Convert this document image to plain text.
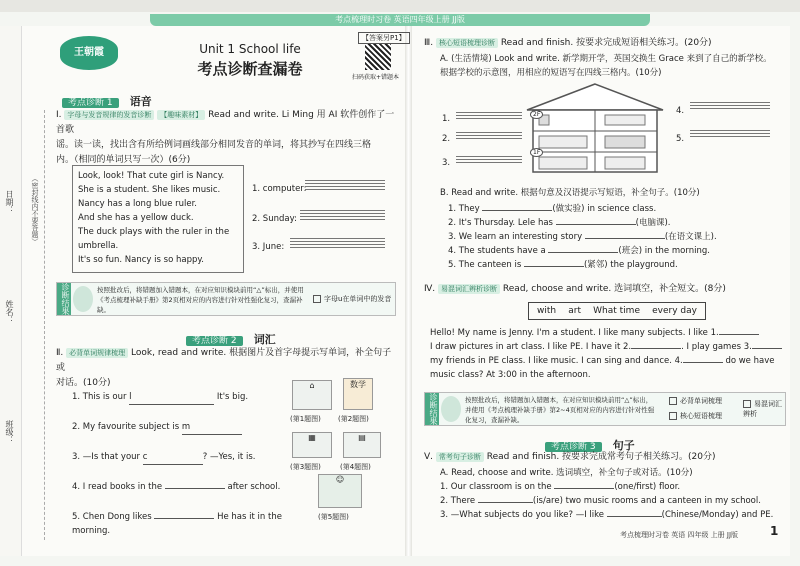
考点梳理时习卷 英语四年级上册 JJ版
日期：
姓名：
班级：
（密封线内不要答题）
王朝霞
【答案另P1】
扫码获取+错题本
Unit 1 School life
考点诊断查漏卷
考点诊断 1 语音
Ⅰ. 字母与发音规律的发音诊断 【趣味素材】 Read and write. Li Ming 用 AI 软件创作了一首歌
谣。读一读，找出含有所给例词画线部分相同发音的单词，将其抄写在四线三格
内。（相同的单词只写一次）(6分)
Look, look! That cute girl is Nancy.
She is a student. She likes music.
Nancy has a long blue ruler.
And she has a yellow duck.
The duck plays with the ruler in the
umbrella.
It's so fun. Nancy is so happy.
1. computer:
2. Sunday:
3. June:
诊断结果	按照批改后，将错题加入错题本，在对应知识模块前用“△”标出，并使用《考点梳理补缺手册》第2页相对应的内容进行针对性强化复习，查漏补缺。
字母u在单词中的发音
考点诊断 2 词汇
Ⅱ. 必背单词规律梳理 Look, read and write. 根据图片及首字母提示写单词，补全句子或
对话。(10分)
1. This is our l	It's big.
2. My favourite subject is m
3. —Is that your c	? —Yes, it is.
4. I read books in the	after school.
5. Chen Dong likes	He has it in the morning.
⌂
(第1题图)
数学
(第2题图)
▦
(第3题图)
▤
(第4题图)
☺
(第5题图)
Ⅲ. 核心短语梳理诊断 Read and finish. 按要求完成短语相关练习。(20分)
A. (生活情境) Look and write. 新学期开学，英国交换生 Grace 来到了自己的新学校。
根据学校的示意图，用相应的短语写在四线三格内。(10分)
2F
1F
1.
2.
3.
4.
5.
B. Read and write. 根据句意及汉语提示写短语，补全句子。(10分)
1. They	(做实验) in science class.
2. It's Thursday. Lele has	(电脑课).
3. We learn an interesting story	(在语文课上).
4. The students have a	(班会) in the morning.
5. The canteen is	(紧邻) the playground.
Ⅳ. 易混词汇辨析诊断 Read, choose and write. 选词填空，补全短文。(8分)
with art What time every day
Hello! My name is Jenny. I'm a student. I like many subjects. I like 1.
I draw pictures in art class. I like PE. I have it 2.	. I play games 3.
my friends in PE class. I like music. I can sing and dance. 4.	do we have
music class? At 3:00 in the afternoon.
诊断结果	按照批改后，将错题加入错题本，在对应知识模块前用“△”标出，并使用《考点梳理补缺手册》第2~4页相对应的内容进行针对性强化复习，查漏补缺。
必背单词梳理
核心短语梳理
易混词汇辨析
考点诊断 3 句子
Ⅴ. 常考句子诊断 Read and finish. 按要求完成常考句子相关练习。(20分)
A. Read, choose and write. 选词填空，补全句子或对话。(10分)
1. Our classroom is on the	(one/first) floor.
2. There	(is/are) two music rooms and a canteen in my school.
3. —What subjects do you like? —I like	(Chinese/Monday) and PE.
考点梳理时习卷 英语 四年级 上册 JJ版	1
